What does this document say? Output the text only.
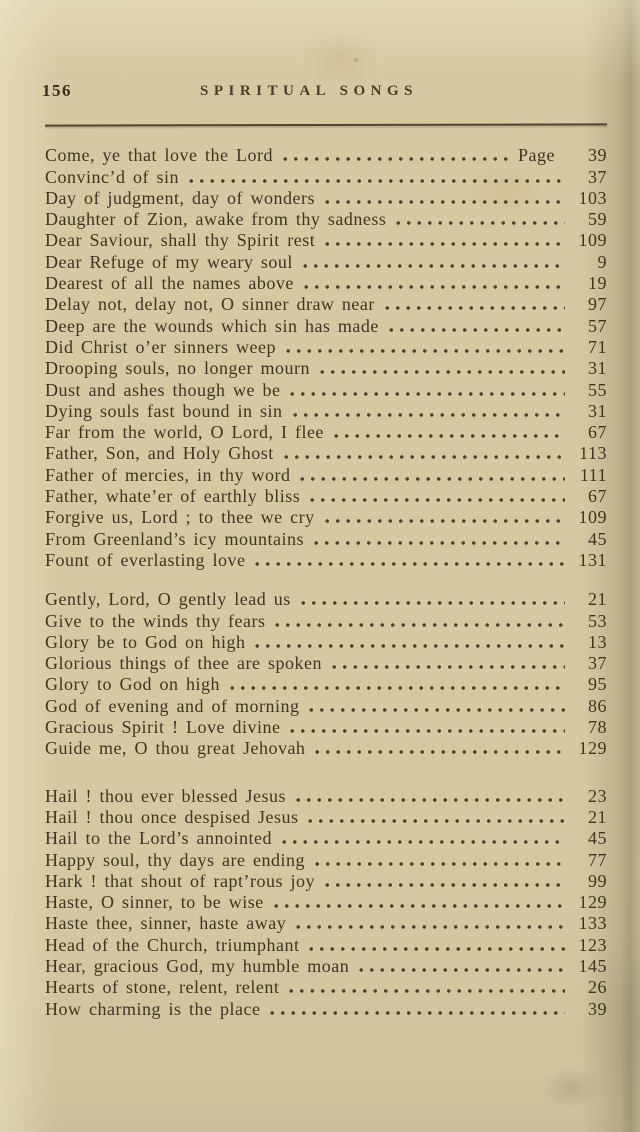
156	SPIRITUAL SONGS
Come, ye that love the Lord	Page	39
Convinc’d of sin	37
Day of judgment, day of wonders	103
Daughter of Zion, awake from thy sadness	59
Dear Saviour, shall thy Spirit rest	109
Dear Refuge of my weary soul	9
Dearest of all the names above	19
Delay not, delay not, O sinner draw near	97
Deep are the wounds which sin has made	57
Did Christ o’er sinners weep	71
Drooping souls, no longer mourn	31
Dust and ashes though we be	55
Dying souls fast bound in sin	31
Far from the world, O Lord, I flee	67
Father, Son, and Holy Ghost	113
Father of mercies, in thy word	111
Father, whate’er of earthly bliss	67
Forgive us, Lord ; to thee we cry	109
From Greenland’s icy mountains	45
Fount of everlasting love	131
Gently, Lord, O gently lead us	21
Give to the winds thy fears	53
Glory be to God on high	13
Glorious things of thee are spoken	37
Glory to God on high	95
God of evening and of morning	86
Gracious Spirit ! Love divine	78
Guide me, O thou great Jehovah	129
Hail ! thou ever blessed Jesus	23
Hail ! thou once despised Jesus	21
Hail to the Lord’s annointed	45
Happy soul, thy days are ending	77
Hark ! that shout of rapt’rous joy	99
Haste, O sinner, to be wise	129
Haste thee, sinner, haste away	133
Head of the Church, triumphant	123
Hear, gracious God, my humble moan	145
Hearts of stone, relent, relent	26
How charming is the place	39
